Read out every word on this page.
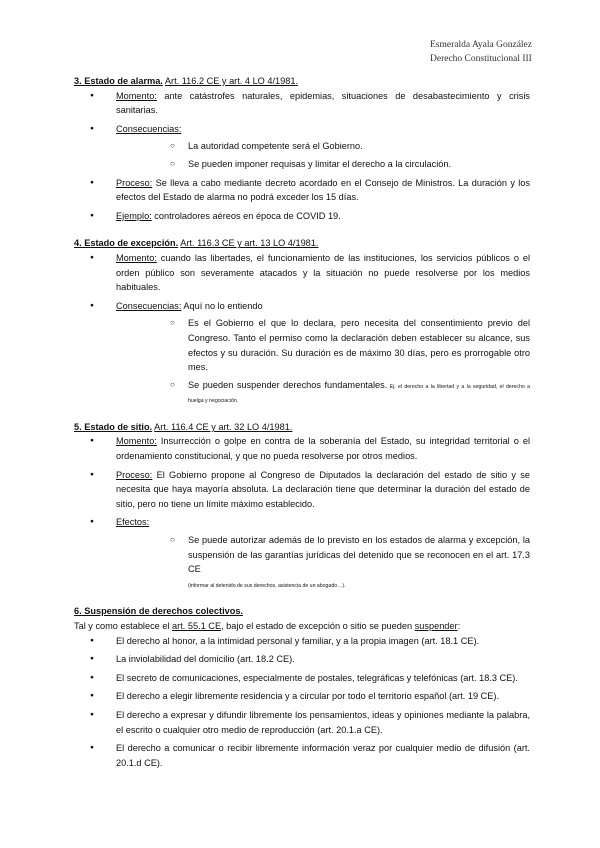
Esmeralda Ayala González
Derecho Constitucional III

3. Estado de alarma. Art. 116.2 CE y art. 4 LO 4/1981.

● Momento: ante catástrofes naturales, epidemias, situaciones de desabastecimiento y crisis sanitarias.
● Consecuencias:
○ La autoridad competente será el Gobierno.
○ Se pueden imponer requisas y limitar el derecho a la circulación.
● Proceso: Se lleva a cabo mediante decreto acordado en el Consejo de Ministros. La duración y los efectos del Estado de alarma no podrá exceder los 15 días.
● Ejemplo: controladores aéreos en época de COVID 19.

4. Estado de excepción. Art. 116.3 CE y art. 13 LO 4/1981.

● Momento: cuando las libertades, el funcionamiento de las instituciones, los servicios públicos o el orden público son severamente atacados y la situación no puede resolverse por los medios habituales.
● Consecuencias: Aquí no lo entiendo
○ Es el Gobierno el que lo declara, pero necesita del consentimiento previo del Congreso. Tanto el permiso como la declaración deben establecer su alcance, sus efectos y su duración. Su duración es de máximo 30 días, pero es prorrogable otro mes.
○ Se pueden suspender derechos fundamentales. Ej. el derecho a la libertad y a la seguridad, el derecho a huelga y negociación.

5. Estado de sitio. Art. 116.4 CE y art. 32 LO 4/1981.

● Momento: Insurrección o golpe en contra de la soberanía del Estado, su integridad territorial o el ordenamiento constitucional, y que no pueda resolverse por otros medios.
● Proceso: El Gobierno propone al Congreso de Diputados la declaración del estado de sitio y se necesita que haya mayoría absoluta. La declaración tiene que determinar la duración del estado de sitio, pero no tiene un límite máximo establecido.
● Efectos:
○ Se puede autorizar además de lo previsto en los estados de alarma y excepción, la suspensión de las garantías jurídicas del detenido que se reconocen en el art. 17.3 CE
(informar al detenido de sus derechos, asistencia de un abogado…).

6. Suspensión de derechos colectivos.

Tal y como establece el art. 55.1 CE, bajo el estado de excepción o sitio se pueden suspender:

● El derecho al honor, a la intimidad personal y familiar, y a la propia imagen (art. 18.1 CE).
● La inviolabilidad del domicilio (art. 18.2 CE).
● El secreto de comunicaciones, especialmente de postales, telegráficas y telefónicas (art. 18.3 CE).
● El derecho a elegir libremente residencia y a circular por todo el territorio español (art. 19 CE).
● El derecho a expresar y difundir libremente los pensamientos, ideas y opiniones mediante la palabra, el escrito o cualquier otro medio de reproducción (art. 20.1.a CE).
● El derecho a comunicar o recibir libremente información veraz por cualquier medio de difusión (art. 20.1.d CE).
